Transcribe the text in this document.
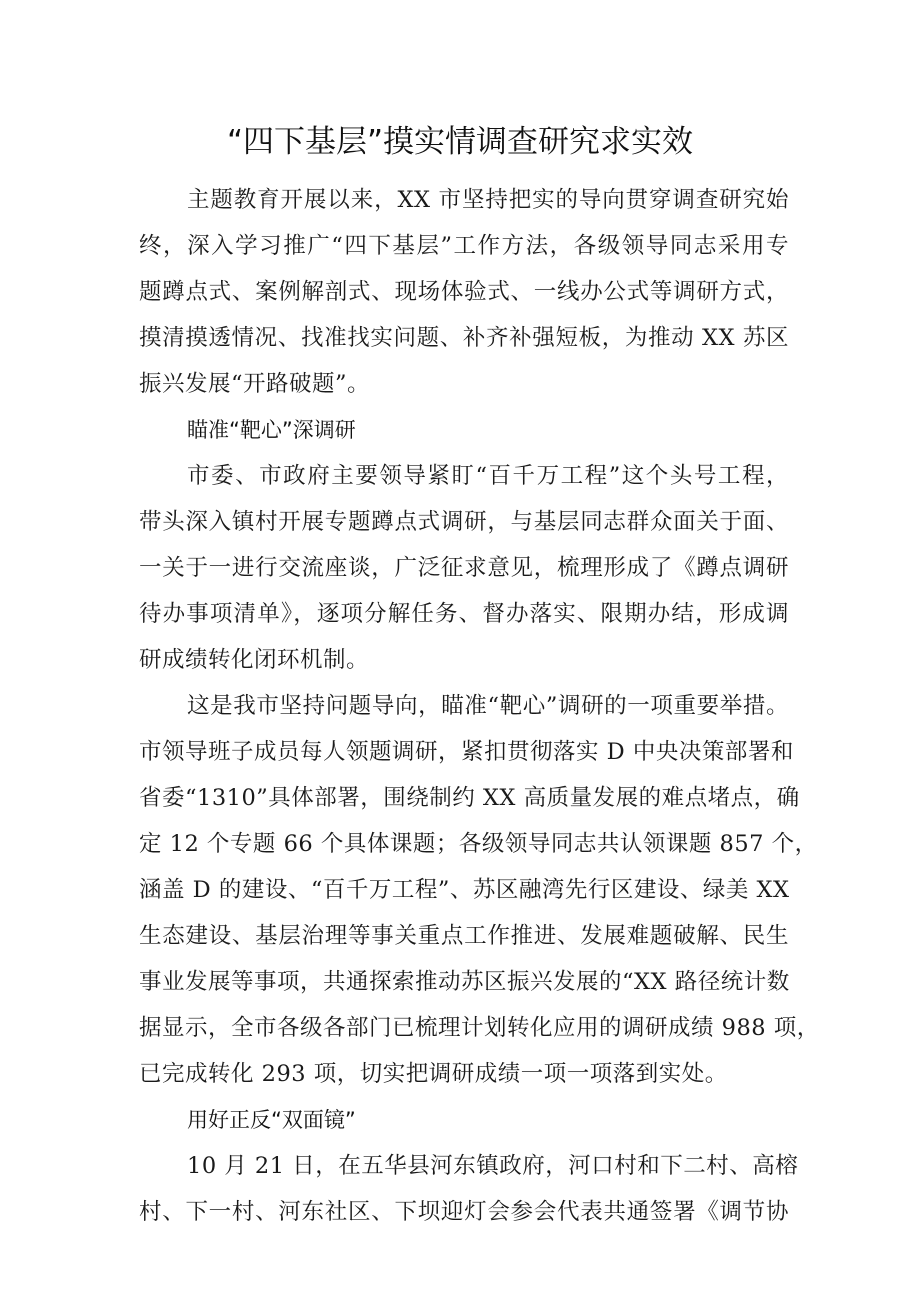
“四下基层”摸实情调查研究求实效
主题教育开展以来，XX 市坚持把实的导向贯穿调查研究始
终，深入学习推广“四下基层”工作方法，各级领导同志采用专
题蹲点式、案例解剖式、现场体验式、一线办公式等调研方式，
摸清摸透情况、找准找实问题、补齐补强短板，为推动 XX 苏区
振兴发展“开路破题”。
瞄准“靶心”深调研
市委、市政府主要领导紧盯“百千万工程”这个头号工程，
带头深入镇村开展专题蹲点式调研，与基层同志群众面关于面、
一关于一进行交流座谈，广泛征求意见，梳理形成了《蹲点调研
待办事项清单》，逐项分解任务、督办落实、限期办结，形成调
研成绩转化闭环机制。
这是我市坚持问题导向，瞄准“靶心”调研的一项重要举措。
市领导班子成员每人领题调研，紧扣贯彻落实 D 中央决策部署和
省委“1310”具体部署，围绕制约 XX 高质量发展的难点堵点，确
定 12 个专题 66 个具体课题；各级领导同志共认领课题 857 个，
涵盖 D 的建设、“百千万工程”、苏区融湾先行区建设、绿美 XX
生态建设、基层治理等事关重点工作推进、发展难题破解、民生
事业发展等事项，共通探索推动苏区振兴发展的“XX 路径统计数
据显示，全市各级各部门已梳理计划转化应用的调研成绩 988 项，
已完成转化 293 项，切实把调研成绩一项一项落到实处。
用好正反“双面镜”
10 月 21 日，在五华县河东镇政府，河口村和下二村、高榕
村、下一村、河东社区、下坝迎灯会参会代表共通签署《调节协
